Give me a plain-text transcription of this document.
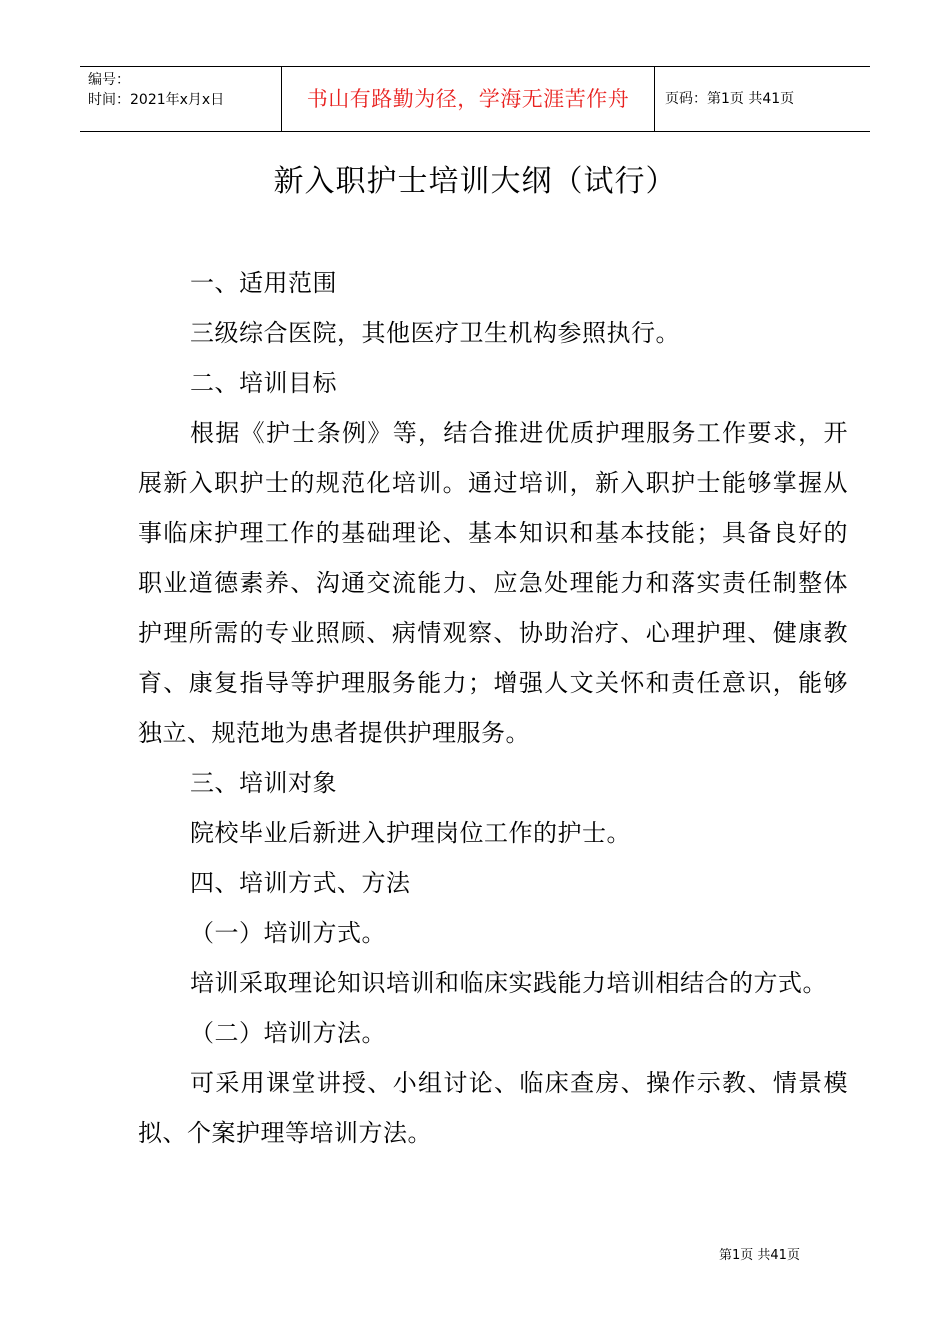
编号：
时间：2021年x月x日	书山有路勤为径，学海无涯苦作舟	页码：第1页 共41页
新入职护士培训大纲（试行）

一、适用范围

三级综合医院，其他医疗卫生机构参照执行。

二、培训目标

根据《护士条例》等，结合推进优质护理服务工作要求，开展新入职护士的规范化培训。通过培训，新入职护士能够掌握从事临床护理工作的基础理论、基本知识和基本技能；具备良好的职业道德素养、沟通交流能力、应急处理能力和落实责任制整体护理所需的专业照顾、病情观察、协助治疗、心理护理、健康教育、康复指导等护理服务能力；增强人文关怀和责任意识，能够独立、规范地为患者提供护理服务。

三、培训对象

院校毕业后新进入护理岗位工作的护士。

四、培训方式、方法

（一）培训方式。

培训采取理论知识培训和临床实践能力培训相结合的方式。

（二）培训方法。

可采用课堂讲授、小组讨论、临床查房、操作示教、情景模拟、个案护理等培训方法。

第1页 共41页
